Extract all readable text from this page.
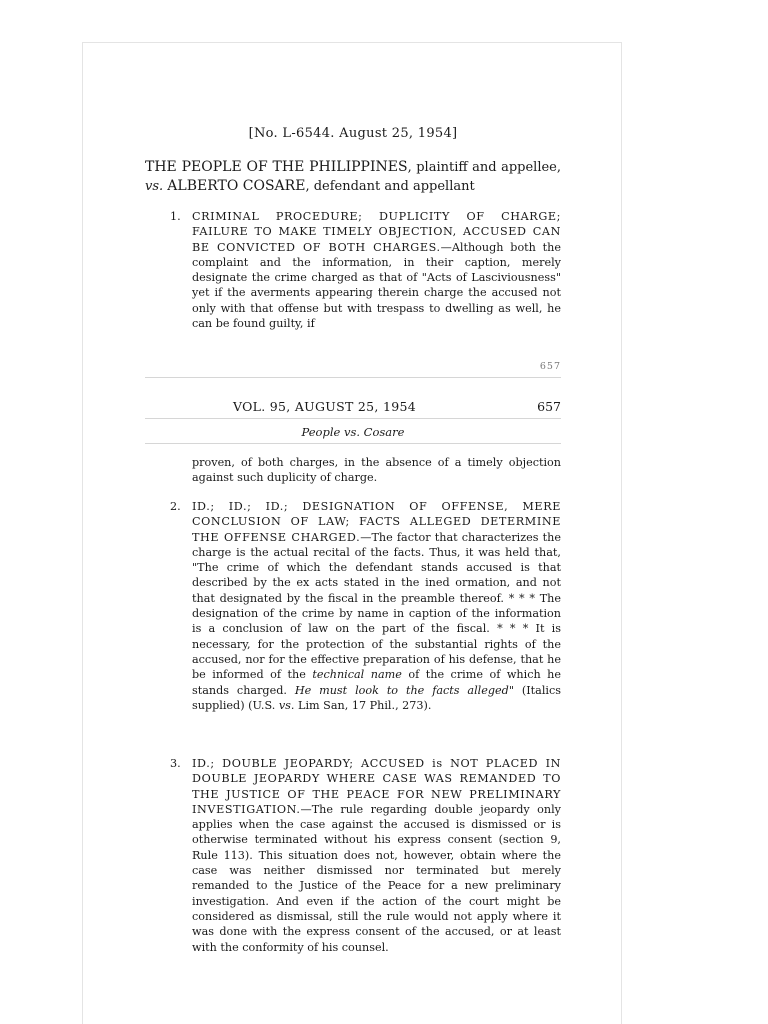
[No. L-6544. August 25, 1954]
THE PEOPLE OF THE PHILIPPINES, plaintiff and appellee, vs. ALBERTO COSARE, defendant and appellant
1.	CRIMINAL PROCEDURE; DUPLICITY OF CHARGE; FAILURE TO MAKE TIMELY OBJECTION, ACCUSED CAN BE CONVICTED OF BOTH CHARGES.—Although both the complaint and the information, in their caption, merely designate the crime charged as that of "Acts of Lasciviousness" yet if the averments appearing therein charge the accused not only with that offense but with trespass to dwelling as well, he can be found guilty, if
657
VOL. 95, AUGUST 25, 1954	657
People vs. Cosare
proven, of both charges, in the absence of a timely objection against such duplicity of charge.
2.	ID.; ID.; ID.; DESIGNATION OF OFFENSE, MERE CONCLUSION OF LAW; FACTS ALLEGED DETERMINE THE OFFENSE CHARGED.—The factor that characterizes the charge is the actual recital of the facts. Thus, it was held that, "The crime of which the defendant stands accused is that described by the ex acts stated in the ined ormation, and not that designated by the fiscal in the preamble thereof. * * * The designation of the crime by name in caption of the information is a conclusion of law on the part of the fiscal. * * * It is necessary, for the protection of the substantial rights of the accused, nor for the effective preparation of his defense, that he be informed of the technical name of the crime of which he stands charged. He must look to the facts alleged" (Italics supplied) (U.S. vs. Lim San, 17 Phil., 273).
3.	ID.; DOUBLE JEOPARDY; ACCUSED is NOT PLACED IN DOUBLE JEOPARDY WHERE CASE WAS REMANDED TO THE JUSTICE OF THE PEACE FOR NEW PRELIMINARY INVESTIGATION.—The rule regarding double jeopardy only applies when the case against the accused is dismissed or is otherwise terminated without his express consent (section 9, Rule 113). This situation does not, however, obtain where the case was neither dismissed nor terminated but merely remanded to the Justice of the Peace for a new preliminary investigation. And even if the action of the court might be considered as dismissal, still the rule would not apply where it was done with the express consent of the accused, or at least with the conformity of his counsel.
